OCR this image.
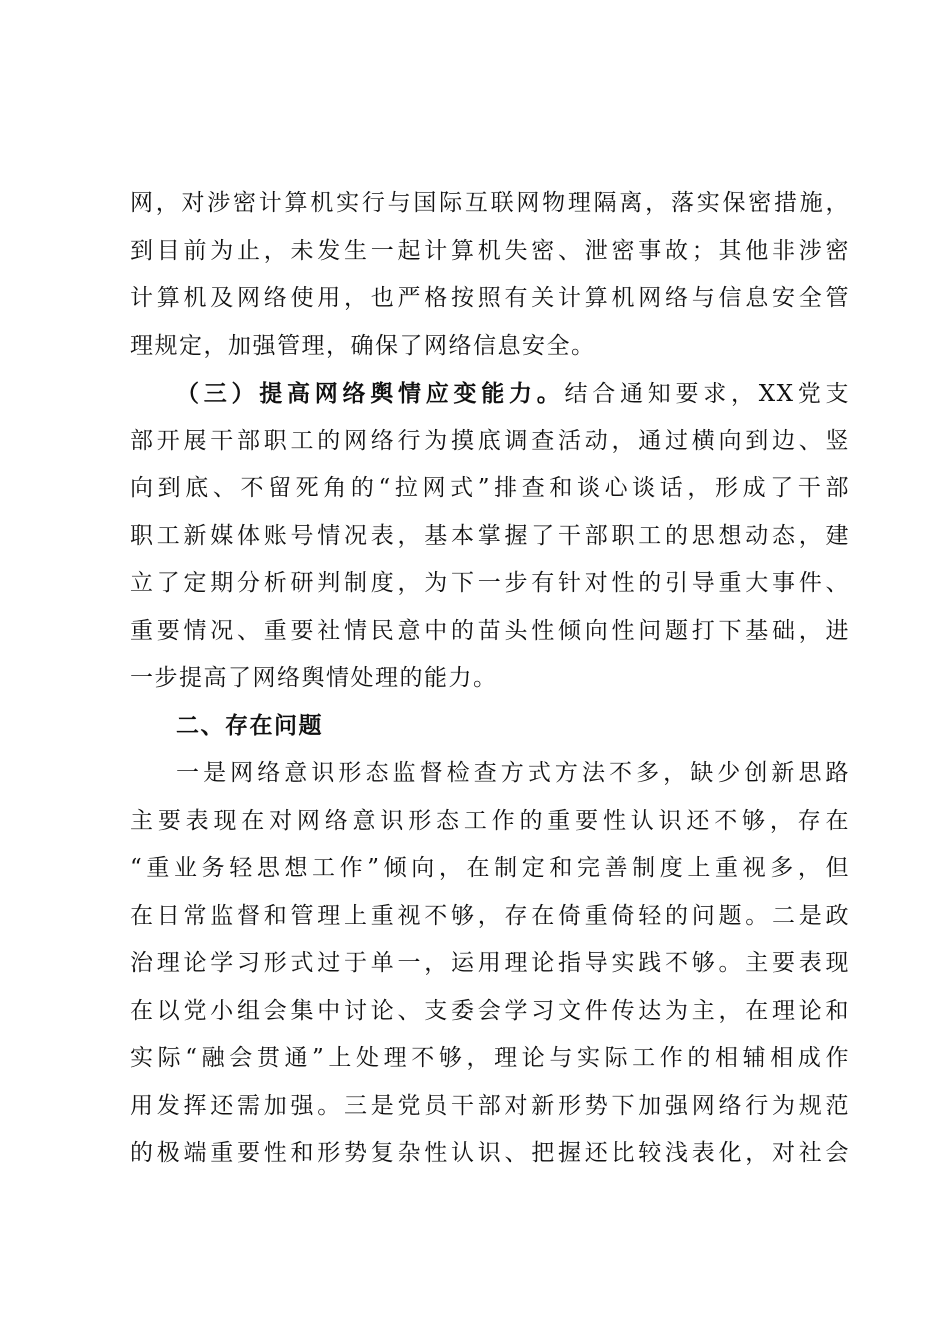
网，对涉密计算机实行与国际互联网物理隔离，落实保密措施，
到目前为止，未发生一起计算机失密、泄密事故；其他非涉密
计算机及网络使用，也严格按照有关计算机网络与信息安全管
理规定，加强管理，确保了网络信息安全。
（三）提高网络舆情应变能力。结合通知要求，XX党支
部开展干部职工的网络行为摸底调查活动，通过横向到边、竖
向到底、不留死角的“拉网式”排查和谈心谈话，形成了干部
职工新媒体账号情况表，基本掌握了干部职工的思想动态，建
立了定期分析研判制度，为下一步有针对性的引导重大事件、
重要情况、重要社情民意中的苗头性倾向性问题打下基础，进
一步提高了网络舆情处理的能力。
二、存在问题
一是网络意识形态监督检查方式方法不多，缺少创新思路
主要表现在对网络意识形态工作的重要性认识还不够，存在
“重业务轻思想工作”倾向，在制定和完善制度上重视多，但
在日常监督和管理上重视不够，存在倚重倚轻的问题。二是政
治理论学习形式过于单一，运用理论指导实践不够。主要表现
在以党小组会集中讨论、支委会学习文件传达为主，在理论和
实际“融会贯通”上处理不够，理论与实际工作的相辅相成作
用发挥还需加强。三是党员干部对新形势下加强网络行为规范
的极端重要性和形势复杂性认识、把握还比较浅表化，对社会
